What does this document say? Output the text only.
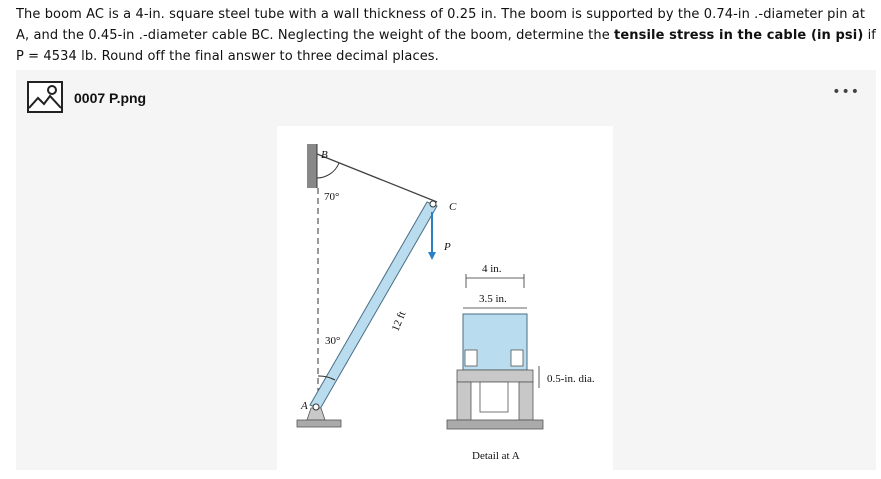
The boom AC is a 4-in. square steel tube with a wall thickness of 0.25 in. The boom is supported by the 0.74-in .-diameter pin at A, and the 0.45-in .-diameter cable BC. Neglecting the weight of the boom, determine the tensile stress in the cable (in psi) if P = 4534 lb. Round off the final answer to three decimal places.
0007 P.png	•••
70°
B
C
P
12 ft
30°
A
4 in.
3.5 in.
0.5-in. dia.
Detail at A
